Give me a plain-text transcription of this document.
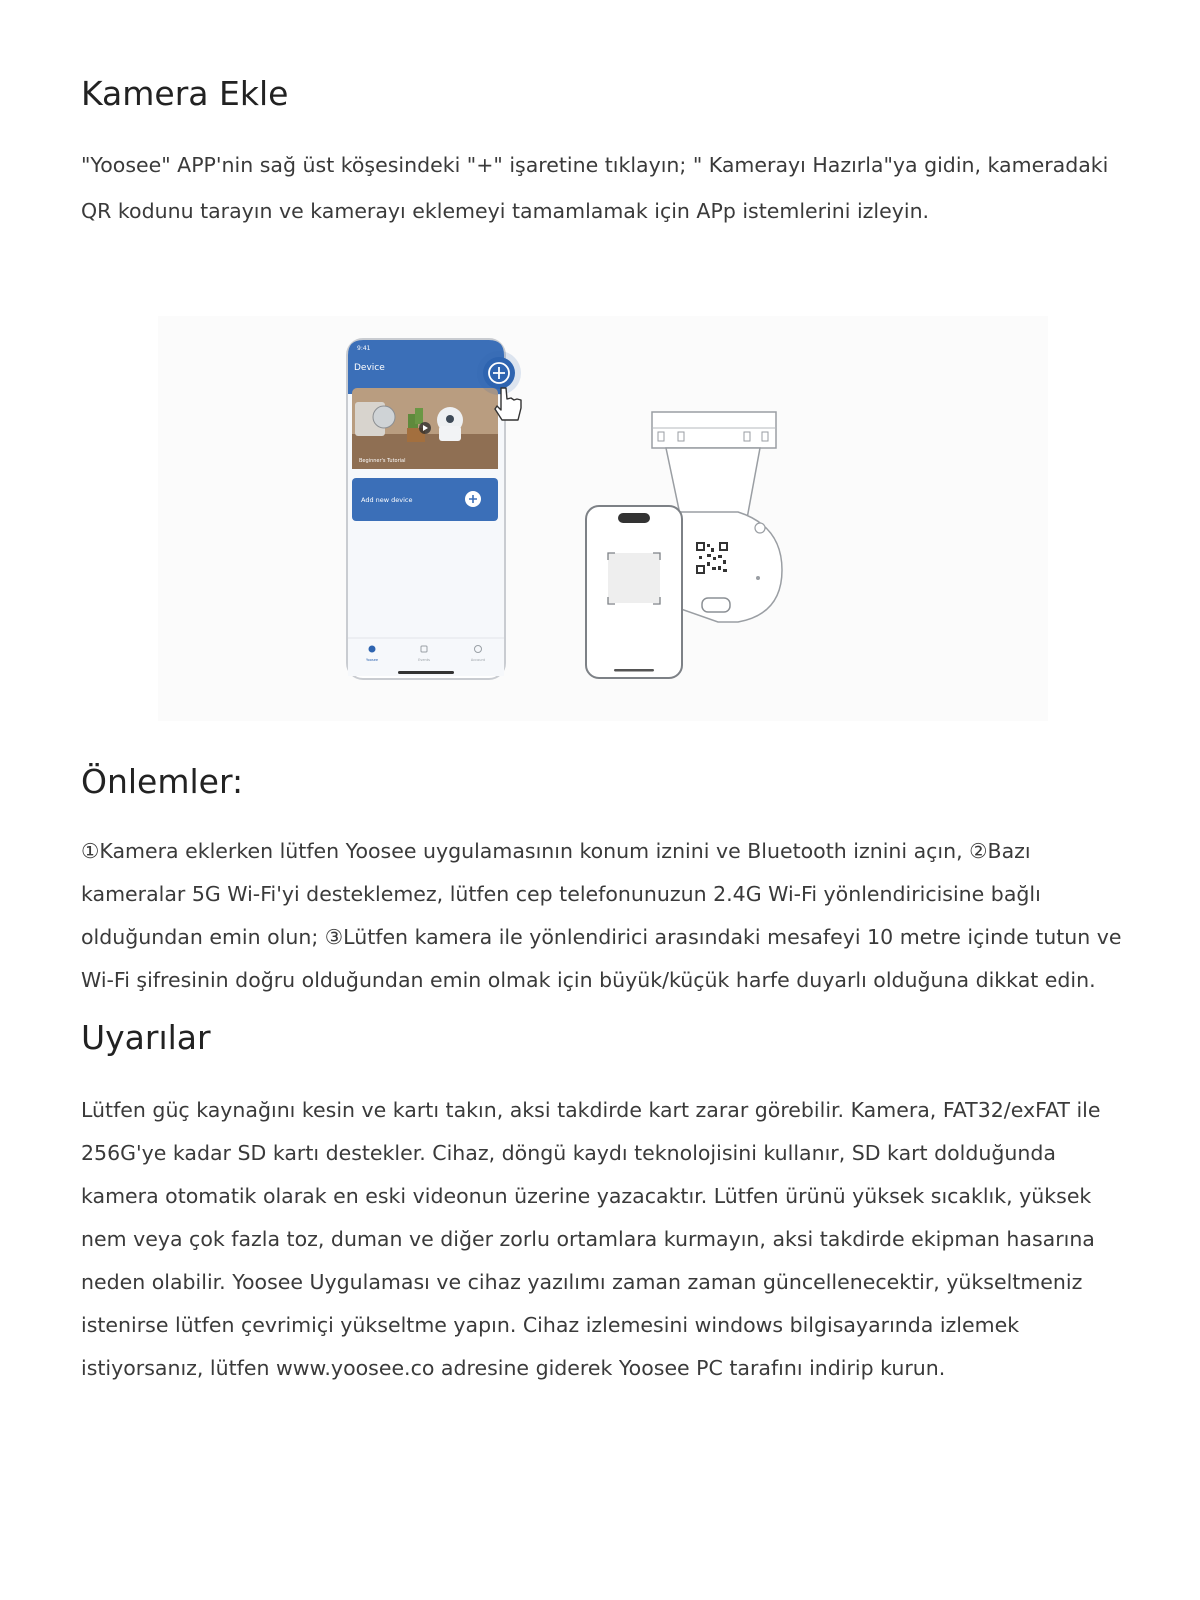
Kamera Ekle

"Yoosee" APP'nin sağ üst köşesindeki "+" işaretine tıklayın; " Kamerayı Hazırla"ya gidin, kameradaki QR kodunu tarayın ve kamerayı eklemeyi tamamlamak için APp istemlerini izleyin.

9:41
Device
Beginner's Tutorial
Add new device
Yoosee	Events	Account
Önlemler:

①Kamera eklerken lütfen Yoosee uygulamasının konum iznini ve Bluetooth iznini açın, ②Bazı kameralar 5G Wi-Fi'yi desteklemez, lütfen cep telefonunuzun 2.4G Wi-Fi yönlendiricisine bağlı olduğundan emin olun; ③Lütfen kamera ile yönlendirici arasındaki mesafeyi 10 metre içinde tutun ve Wi-Fi şifresinin doğru olduğundan emin olmak için büyük/küçük harfe duyarlı olduğuna dikkat edin.

Uyarılar

Lütfen güç kaynağını kesin ve kartı takın, aksi takdirde kart zarar görebilir. Kamera, FAT32/exFAT ile 256G'ye kadar SD kartı destekler. Cihaz, döngü kaydı teknolojisini kullanır, SD kart dolduğunda kamera otomatik olarak en eski videonun üzerine yazacaktır. Lütfen ürünü yüksek sıcaklık, yüksek nem veya çok fazla toz, duman ve diğer zorlu ortamlara kurmayın, aksi takdirde ekipman hasarına neden olabilir. Yoosee Uygulaması ve cihaz yazılımı zaman zaman güncellenecektir, yükseltmeniz istenirse lütfen çevrimiçi yükseltme yapın. Cihaz izlemesini windows bilgisayarında izlemek istiyorsanız, lütfen www.yoosee.co adresine giderek Yoosee PC tarafını indirip kurun.
